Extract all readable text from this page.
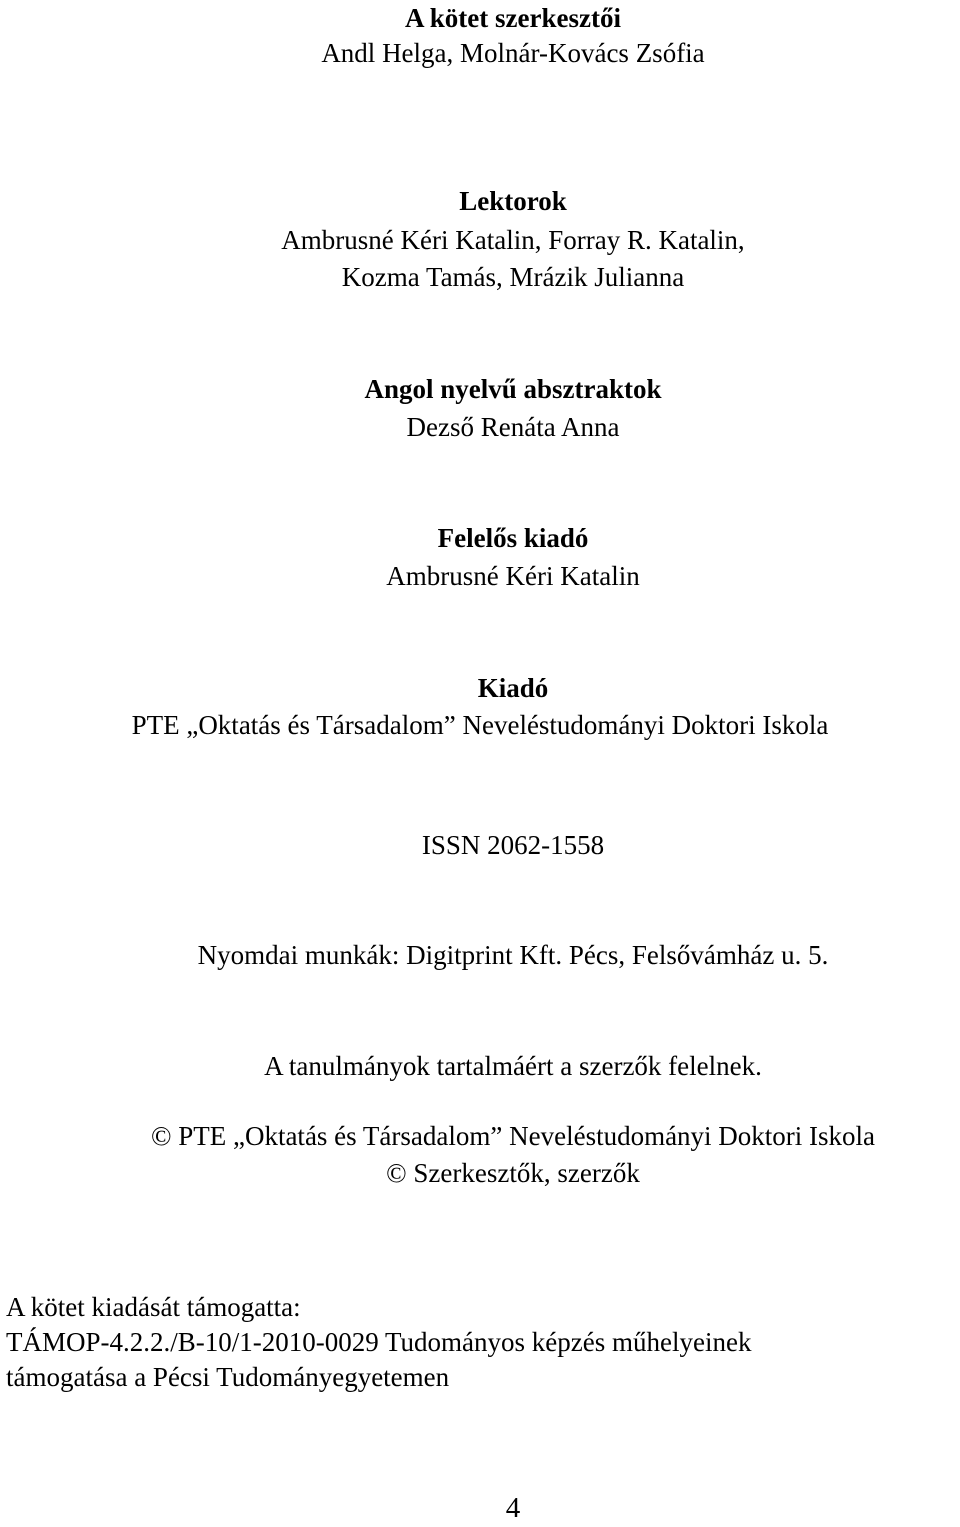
A kötet szerkesztői
Andl Helga, Molnár-Kovács Zsófia
Lektorok
Ambrusné Kéri Katalin, Forray R. Katalin,
Kozma Tamás, Mrázik Julianna
Angol nyelvű absztraktok
Dezső Renáta Anna
Felelős kiadó
Ambrusné Kéri Katalin
Kiadó
PTE „Oktatás és Társadalom” Neveléstudományi Doktori Iskola
ISSN 2062-1558
Nyomdai munkák: Digitprint Kft. Pécs, Felsővámház u. 5.
A tanulmányok tartalmáért a szerzők felelnek.
© PTE „Oktatás és Társadalom” Neveléstudományi Doktori Iskola
© Szerkesztők, szerzők
A kötet kiadását támogatta:
TÁMOP-4.2.2./B-10/1-2010-0029 Tudományos képzés műhelyeinek
támogatása a Pécsi Tudományegyetemen
4
